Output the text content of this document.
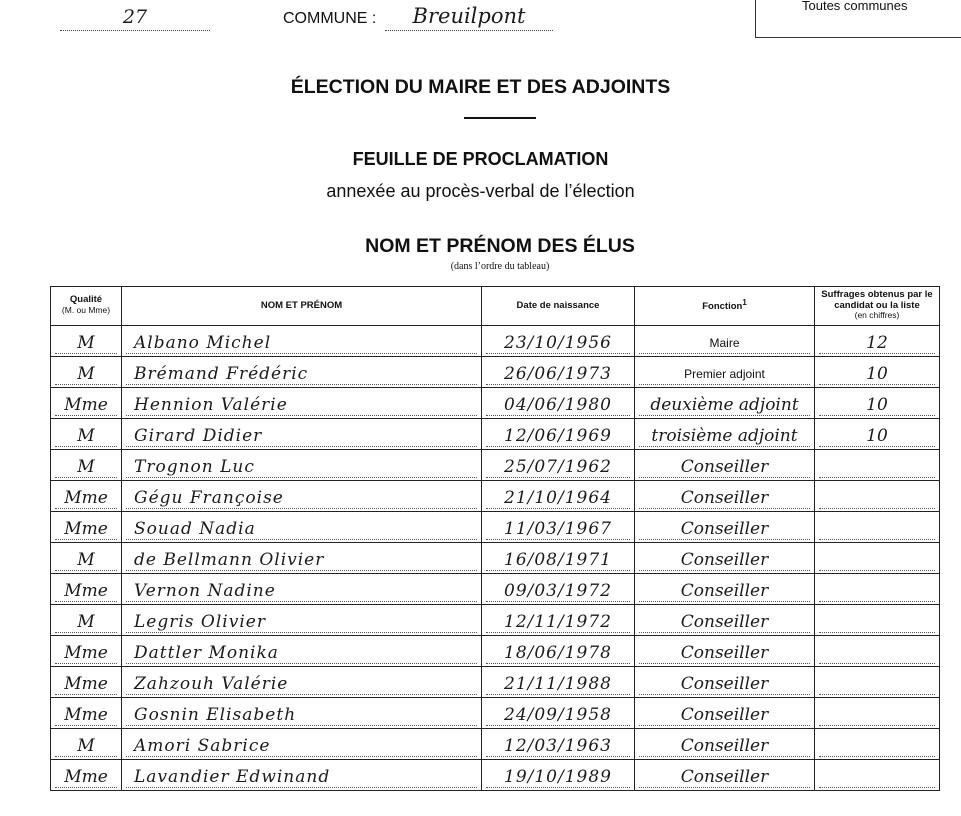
27	COMMUNE :	Breuilpont	Toutes communes
ÉLECTION DU MAIRE ET DES ADJOINTS
FEUILLE DE PROCLAMATION
annexée au procès-verbal de l’élection
NOM ET PRÉNOM DES ÉLUS
(dans l’ordre du tableau)
Qualité
(M. ou Mme)	NOM ET PRÉNOM	Date de naissance	Fonction$^1$	Suffrages obtenus par le candidat ou la liste
(en chiffres)

M	Albano Michel	23/10/1956	Maire	12

M	Brémand Frédéric	26/06/1973	Premier adjoint	10

Mme	Hennion Valérie	04/06/1980	deuxième adjoint	10

M	Girard Didier	12/06/1969	troisième adjoint	10

M	Trognon Luc	25/07/1962	Conseiller	

Mme	Gégu Françoise	21/10/1964	Conseiller	

Mme	Souad Nadia	11/03/1967	Conseiller	

M	de Bellmann Olivier	16/08/1971	Conseiller	

Mme	Vernon Nadine	09/03/1972	Conseiller	

M	Legris Olivier	12/11/1972	Conseiller	

Mme	Dattler Monika	18/06/1978	Conseiller	

Mme	Zahzouh Valérie	21/11/1988	Conseiller	

Mme	Gosnin Elisabeth	24/09/1958	Conseiller	

M	Amori Sabrice	12/03/1963	Conseiller	

Mme	Lavandier Edwinand	19/10/1989	Conseiller	
